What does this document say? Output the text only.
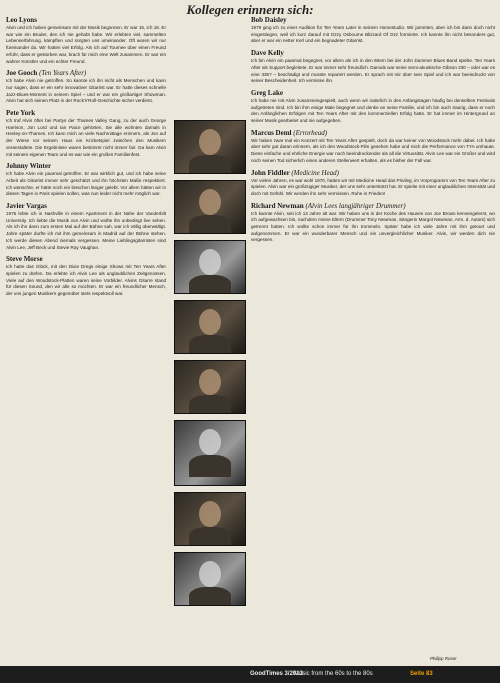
Kollegen erinnern sich:
Leo Lyons
Alvin und ich haben gemeinsam mit der Musik begonnen. Er war 15, ich 16. Er war wie ein Bruder, den ich nie gehabt habe. Wir erlebten viel, sammelten Lebenserfahrung, kämpften und sorgten uns umeinander. Oft waren wir nur füreinander da. Wir hatten viel Erfolg. Als ich auf Tournee über einen Freund erfuhr, dass er gestorben war, brach für mich eine Welt zusammen. Er war ein wahrer Künstler und ein echter Freund.
Joe Gooch (Ten Years After)
Ich habe Alvin nie getroffen. So kannte ich ihn nicht als Menschen und kann nur sagen, dass er ein sehr innovativer Gitarrist war. Er hatte dieses schnelle Jazz-Blues-Moment in seinem Spiel – und er war ein großartiger Showman. Alvin hat sich seinen Platz in der Rock'n'Roll-Geschichte sicher verdient.
Pete York
Ich traf Alvin öfter bei Partys der Thames Valley Gang, zu der auch George Harrison, Jon Lord und Ian Paice gehörten. Sie alle wohnten damals in Henley-on-Thames. Ich kann mich an viele Nachmittage erinnern, als Jon auf der Wiese vor seinem Haus ein Kricketspiel zwischen den Musikern veranstaltete. Die Ergebnisse waren bestimmt nicht immer fair. Da kam Alvin mit seinem eigenen Team und es war wie ein großes Familienfest.
Johnny Winter
Ich habe Alvin ein paarmal getroffen. Er war wirklich gut, und ich habe seine Arbeit als Gitarrist immer sehr geschätzt und ihn höchsten Maße respektiert. Ich wünschte, er hätte noch ein bisschen länger gelebt. Vor allem hätten wir in diesen Tagen in Paris spielen sollen, was nun leider nicht mehr möglich war.
Javier Vargas
1975 lebte ich in Nashville in einem Apartment in der Nähe der Vanderbilt University. Ich liebte die Musik von Alvin und wollte ihn unbedingt live sehen. Als ich ihn dann zum ersten Mal auf der Bühne sah, war ich völlig überwältigt. Jahre später durfte ich mit ihm gemeinsam in Madrid auf der Bühne stehen. Ich werde diesen Abend niemals vergessen. Meine Lieblingsgitarristen sind Alvin Lee, Jeff Beck und Stevie Ray Vaughan.
Steve Morse
Ich hatte das Glück, mit den Dixie Dregs einige Shows mit Ten Years After spielen zu dürfen. Da erlebte ich Alvin Lee als unglaublichen Zeitgenossen. Viele auf den Woodstock-Platten waren seine Vorbilder. Alvins Gitarre stand für diesen Sound, den wir alle so mochten. Er war ein freundlicher Mensch, der uns jungen Musikern gegenüber stets respektvoll war.
Bob Daisley
1979 ging ich zu einer Audition für Ten Years Later in seinem Homestudio. Wir jammten, aber ich bin dann doch nicht eingestiegen, weil ich kurz darauf mit Ozzy Osbourne Blizzard Of Ozz formierte. Ich kannte ihn nicht besonders gut, aber er war ein netter Kerl und ein begnadeter Gitarrist.
Dave Kelly
Ich bin Alvin ein paarmal begegnet, vor allem als ich in den 60ern bei der John Dummer Blues Band spielte. Ten Years After als Support begleitete. Er war immer sehr freundlich. Damals war seine semi-akustische Gibson 330 – oder war es eine 335? – beschädigt und musste repariert werden. Er sprach mit mir über sein Spiel und ich war beeindruckt von seiner Bescheidenheit. Ich vermisse ihn.
Greg Lake
Ich habe nie mit Alvin zusammengespielt, auch wenn wir natürlich in den Anfangstagen häufig bei denselben Festivals aufgetreten sind. Ich bin ihm einige Male begegnet und denke an seine Familie, und ich bin auch traurig, dass er noch den Anfänglichen Erfolgen mit Ten Years After mit den kommerziellen Erfolg hatte. Er hat immer im Hintergrund an seiner Musik gearbeitet und nie aufgegeben.
Marcus Deml (Errorhead)
Wir haben zwar mal ein Konzert mit Ten Years After gespielt, doch da war keiner von Woodstock mehr dabei. Ich habe aber sehr gut daran erinnern, als ich den Woodstock-Film gesehen habe und mich die Performance von TYA umhaute. Diese einfache und ehrliche Energie war noch beeindruckender als all die Virtuosität. Alvin Lee war ein Großer und wird noch seinen Tod sicherlich einen anderen Stellenwert erhalten, als es bisher der Fall war.
John Fiddler (Medicine Head)
Vor vielen Jahren, es war wohl 1970, hatten wir mit Medicine Head das Privileg, im Vorprogramm von Ten Years After zu spielen. Alvin war ein großzügiger Musiker, der uns sehr unterstützt hat. Er spielte mit einer unglaublichen Intensität und doch mit Gefühl. Wir werden ihn sehr vermissen. Ruhe in Frieden!
Richard Newman (Alvin Lees langjähriger Drummer)
Ich kannte Alvin, seit ich 13 Jahre alt war. Wir haben uns in der Küche des Hauses von Joe Brown kennengelernt, wo ich aufgewachsen bin, nachdem meine Eltern (Drummer Tony Newman, Sängerin Margot Newman, Arm. d. Autors) sich getrennt hatten. Ich wollte schon immer für ihn trommeln. Später habe ich viele Jahre mit ihm getourt und aufgenommen. Er war ein wunderbarer Mensch und ein unvergleichlicher Musiker. Alvin, wir werden dich nie vergessen.
Philipp Roser
GoodTimes 3/2013
Music from the 60s to the 80s	Seite 83
